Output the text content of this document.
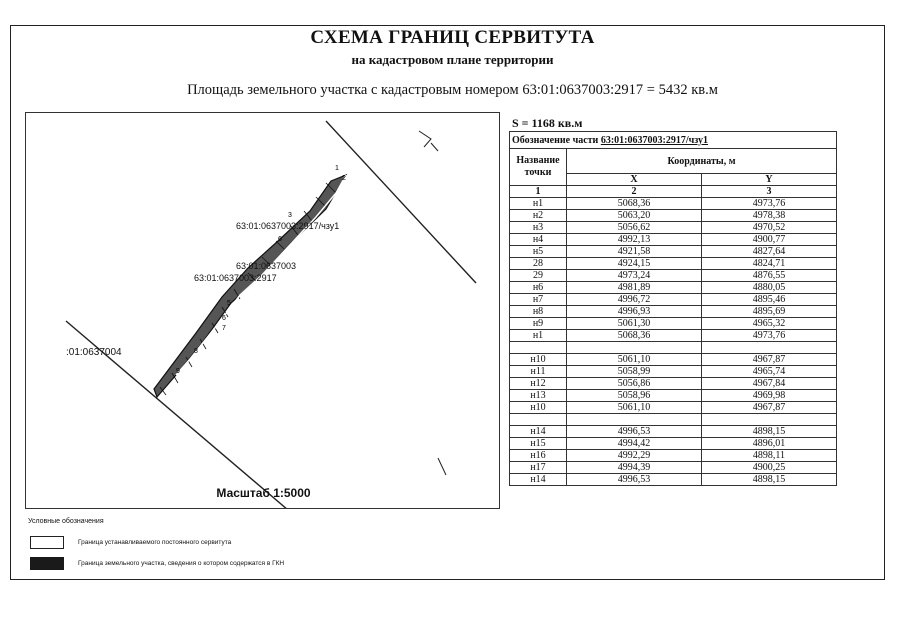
СХЕМА ГРАНИЦ СЕРВИТУТА
на кадастровом плане территории
Площадь земельного участка с кадастровым номером 63:01:0637003:2917 = 5432 кв.м
1
2
3
6
5
6
7
8
9
63:01:0637003:2917/чзу1
63:01:0637003
63:01:0637003:2917
:01:0637004
Масштаб 1:5000
S = 1168 кв.м
Обозначение части 63:01:0637003:2917/чзу1		
Название точки	Координаты, м	
	X	Y
1	2	3
н1	5068,36	4973,76
н2	5063,20	4978,38
н3	5056,62	4970,52
н4	4992,13	4900,77
н5	4921,58	4827,64
28	4924,15	4824,71
29	4973,24	4876,55
н6	4981,89	4880,05
н7	4996,72	4895,46
н8	4996,93	4895,69
н9	5061,30	4965,32
н1	5068,36	4973,76

н10	5061,10	4967,87
н11	5058,99	4965,74
н12	5056,86	4967,84
н13	5058,96	4969,98
н10	5061,10	4967,87

н14	4996,53	4898,15
н15	4994,42	4896,01
н16	4992,29	4898,11
н17	4994,39	4900,25
н14	4996,53	4898,15
Условные обозначения
Граница устанавливаемого постоянного сервитута
Граница земельного участка, сведения о котором содержатся в ГКН
